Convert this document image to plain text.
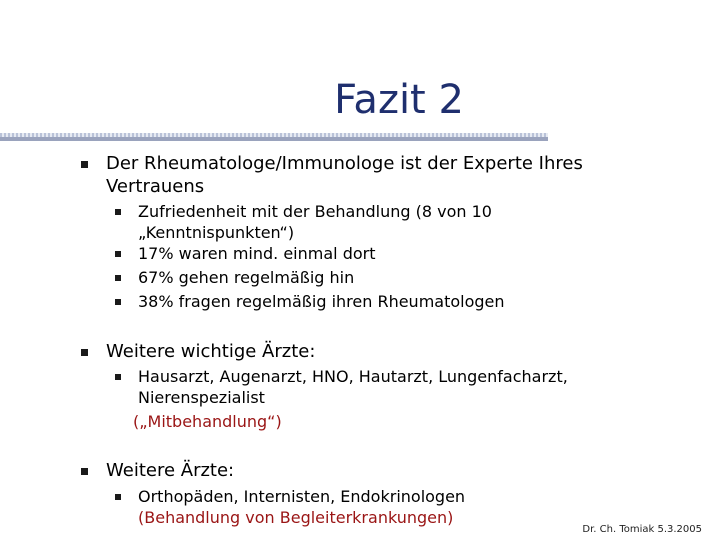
Fazit 2
Der Rheumatologe/Immunologe ist der Experte Ihres Vertrauens
Zufriedenheit mit der Behandlung (8 von 10 „Kenntnispunkten“)
17% waren mind. einmal dort
67% gehen regelmäßig hin
38% fragen regelmäßig ihren Rheumatologen
Weitere wichtige Ärzte:
Hausarzt, Augenarzt, HNO, Hautarzt, Lungenfacharzt, Nierenspezialist
(„Mitbehandlung“)
Weitere Ärzte:
Orthopäden, Internisten, Endokrinologen
(Behandlung von Begleiterkrankungen)
Dr. Ch. Tomiak 5.3.2005
